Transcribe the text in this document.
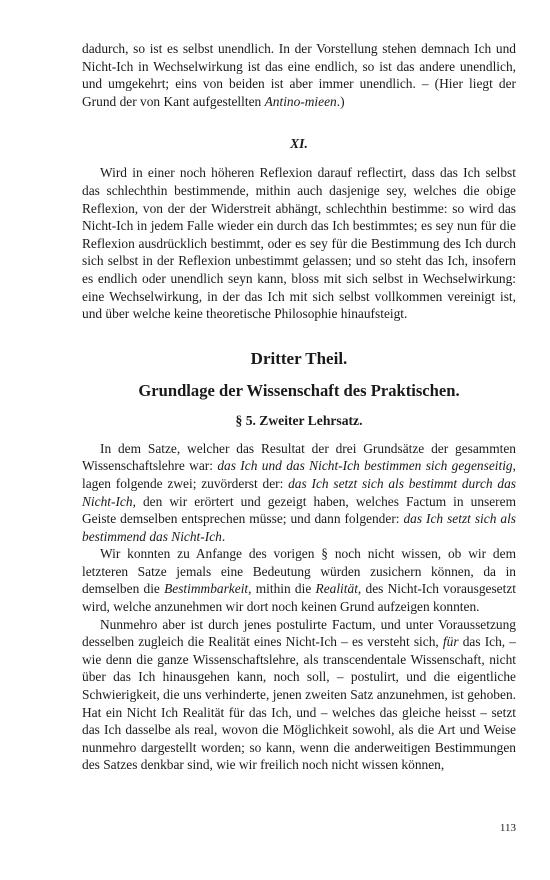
dadurch, so ist es selbst unendlich. In der Vorstellung stehen demnach Ich und Nicht-Ich in Wechselwirkung ist das eine endlich, so ist das andere unendlich, und umgekehrt; eins von beiden ist aber immer unendlich. – (Hier liegt der Grund der von Kant aufgestellten Antino-mieen.)

XI.

Wird in einer noch höheren Reflexion darauf reflectirt, dass das Ich selbst das schlechthin bestimmende, mithin auch dasjenige sey, welches die obige Reflexion, von der der Widerstreit abhängt, schlechthin bestimme: so wird das Nicht-Ich in jedem Falle wieder ein durch das Ich bestimmtes; es sey nun für die Reflexion ausdrücklich bestimmt, oder es sey für die Bestimmung des Ich durch sich selbst in der Reflexion unbestimmt gelassen; und so steht das Ich, insofern es endlich oder unendlich seyn kann, bloss mit sich selbst in Wechselwirkung: eine Wechselwirkung, in der das Ich mit sich selbst vollkommen vereinigt ist, und über welche keine theoretische Philosophie hinaufsteigt.

Dritter Theil.
Grundlage der Wissenschaft des Praktischen.
§ 5. Zweiter Lehrsatz.

In dem Satze, welcher das Resultat der drei Grundsätze der gesammten Wissenschaftslehre war: das Ich und das Nicht-Ich bestimmen sich gegenseitig, lagen folgende zwei; zuvörderst der: das Ich setzt sich als bestimmt durch das Nicht-Ich, den wir erörtert und gezeigt haben, welches Factum in unserem Geiste demselben entsprechen müsse; und dann folgender: das Ich setzt sich als bestimmend das Nicht-Ich.

Wir konnten zu Anfange des vorigen § noch nicht wissen, ob wir dem letzteren Satze jemals eine Bedeutung würden zusichern können, da in demselben die Bestimmbarkeit, mithin die Realität, des Nicht-Ich vorausgesetzt wird, welche anzunehmen wir dort noch keinen Grund aufzeigen konnten.

Nunmehro aber ist durch jenes postulirte Factum, und unter Voraussetzung desselben zugleich die Realität eines Nicht-Ich – es versteht sich, für das Ich, – wie denn die ganze Wissenschaftslehre, als transcendentale Wissenschaft, nicht über das Ich hinausgehen kann, noch soll, – postulirt, und die eigentliche Schwierigkeit, die uns verhinderte, jenen zweiten Satz anzunehmen, ist gehoben. Hat ein Nicht Ich Realität für das Ich, und – welches das gleiche heisst – setzt das Ich dasselbe als real, wovon die Möglichkeit sowohl, als die Art und Weise nunmehro dargestellt worden; so kann, wenn die anderweitigen Bestimmungen des Satzes denkbar sind, wie wir freilich noch nicht wissen können,

113
